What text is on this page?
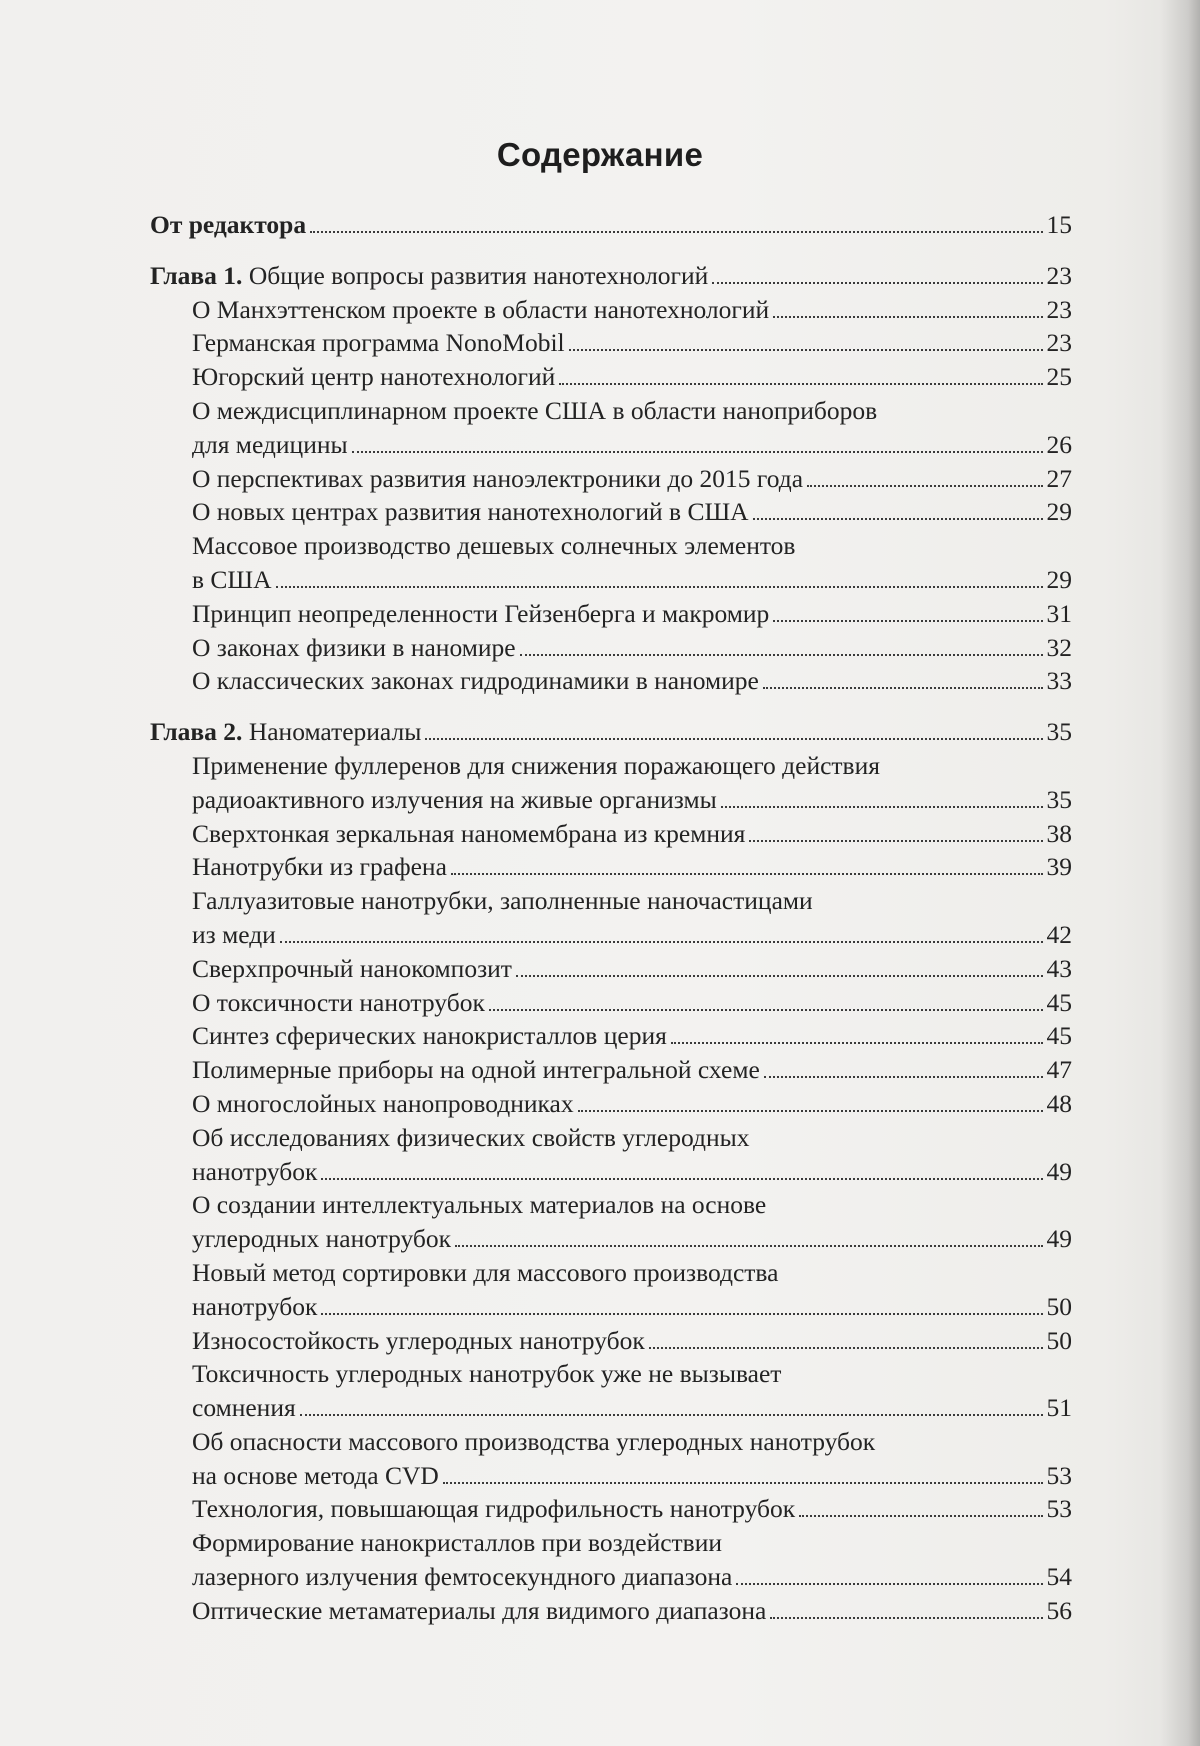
Содержание
От редактора	15
Глава 1.
Общие вопросы развития нанотехнологий	23
О Манхэттенском проекте в области нанотехнологий	23
Германская программа NonoMobil	23
Югорский центр нанотехнологий	25
О междисциплинарном проекте США в области наноприборов
для медицины	26
О перспективах развития наноэлектроники до 2015 года	27
О новых центрах развития нанотехнологий в США	29
Массовое производство дешевых солнечных элементов
в США	29
Принцип неопределенности Гейзенберга и макромир	31
О законах физики в наномире	32
О классических законах гидродинамики в наномире	33
Глава 2.
Наноматериалы	35
Применение фуллеренов для снижения поражающего действия
радиоактивного излучения на живые организмы	35
Сверхтонкая зеркальная наномембрана из кремния	38
Нанотрубки из графена	39
Галлуазитовые нанотрубки, заполненные наночастицами
из меди	42
Сверхпрочный нанокомпозит	43
О токсичности нанотрубок	45
Синтез сферических нанокристаллов церия	45
Полимерные приборы на одной интегральной схеме	47
О многослойных нанопроводниках	48
Об исследованиях физических свойств углеродных
нанотрубок	49
О создании интеллектуальных материалов на основе
углеродных нанотрубок	49
Новый метод сортировки для массового производства
нанотрубок	50
Износостойкость углеродных нанотрубок	50
Токсичность углеродных нанотрубок уже не вызывает
сомнения	51
Об опасности массового производства углеродных нанотрубок
на основе метода CVD	53
Технология, повышающая гидрофильность нанотрубок	53
Формирование нанокристаллов при воздействии
лазерного излучения фемтосекундного диапазона	54
Оптические метаматериалы для видимого диапазона	56
